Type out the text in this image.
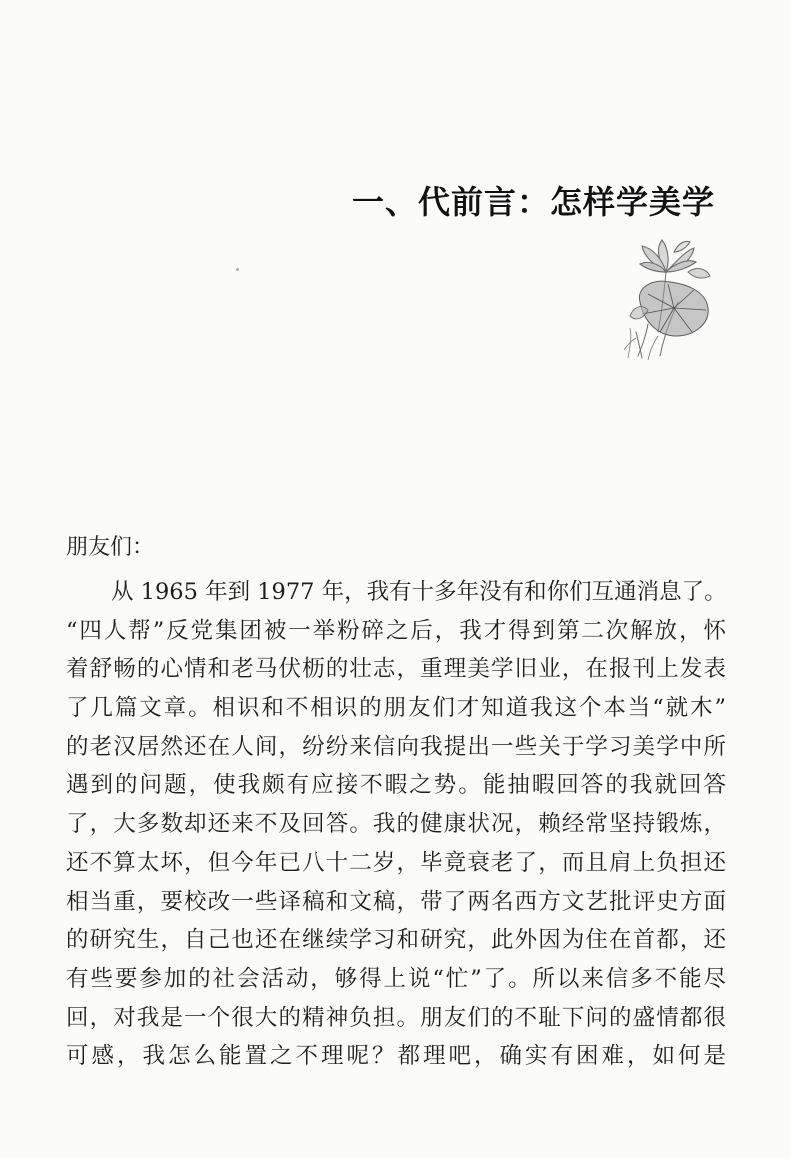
一、代前言：怎样学美学
朋友们：
从 1965 年到 1977 年，我有十多年没有和你们互通消息了。
“四人帮”反党集团被一举粉碎之后，我才得到第二次解放，怀
着舒畅的心情和老马伏枥的壮志，重理美学旧业，在报刊上发表
了几篇文章。相识和不相识的朋友们才知道我这个本当“就木”
的老汉居然还在人间，纷纷来信向我提出一些关于学习美学中所
遇到的问题，使我颇有应接不暇之势。能抽暇回答的我就回答
了，大多数却还来不及回答。我的健康状况，赖经常坚持锻炼，
还不算太坏，但今年已八十二岁，毕竟衰老了，而且肩上负担还
相当重，要校改一些译稿和文稿，带了两名西方文艺批评史方面
的研究生，自己也还在继续学习和研究，此外因为住在首都，还
有些要参加的社会活动，够得上说“忙”了。所以来信多不能尽
回，对我是一个很大的精神负担。朋友们的不耻下问的盛情都很
可感，我怎么能置之不理呢？都理吧，确实有困难，如何是
